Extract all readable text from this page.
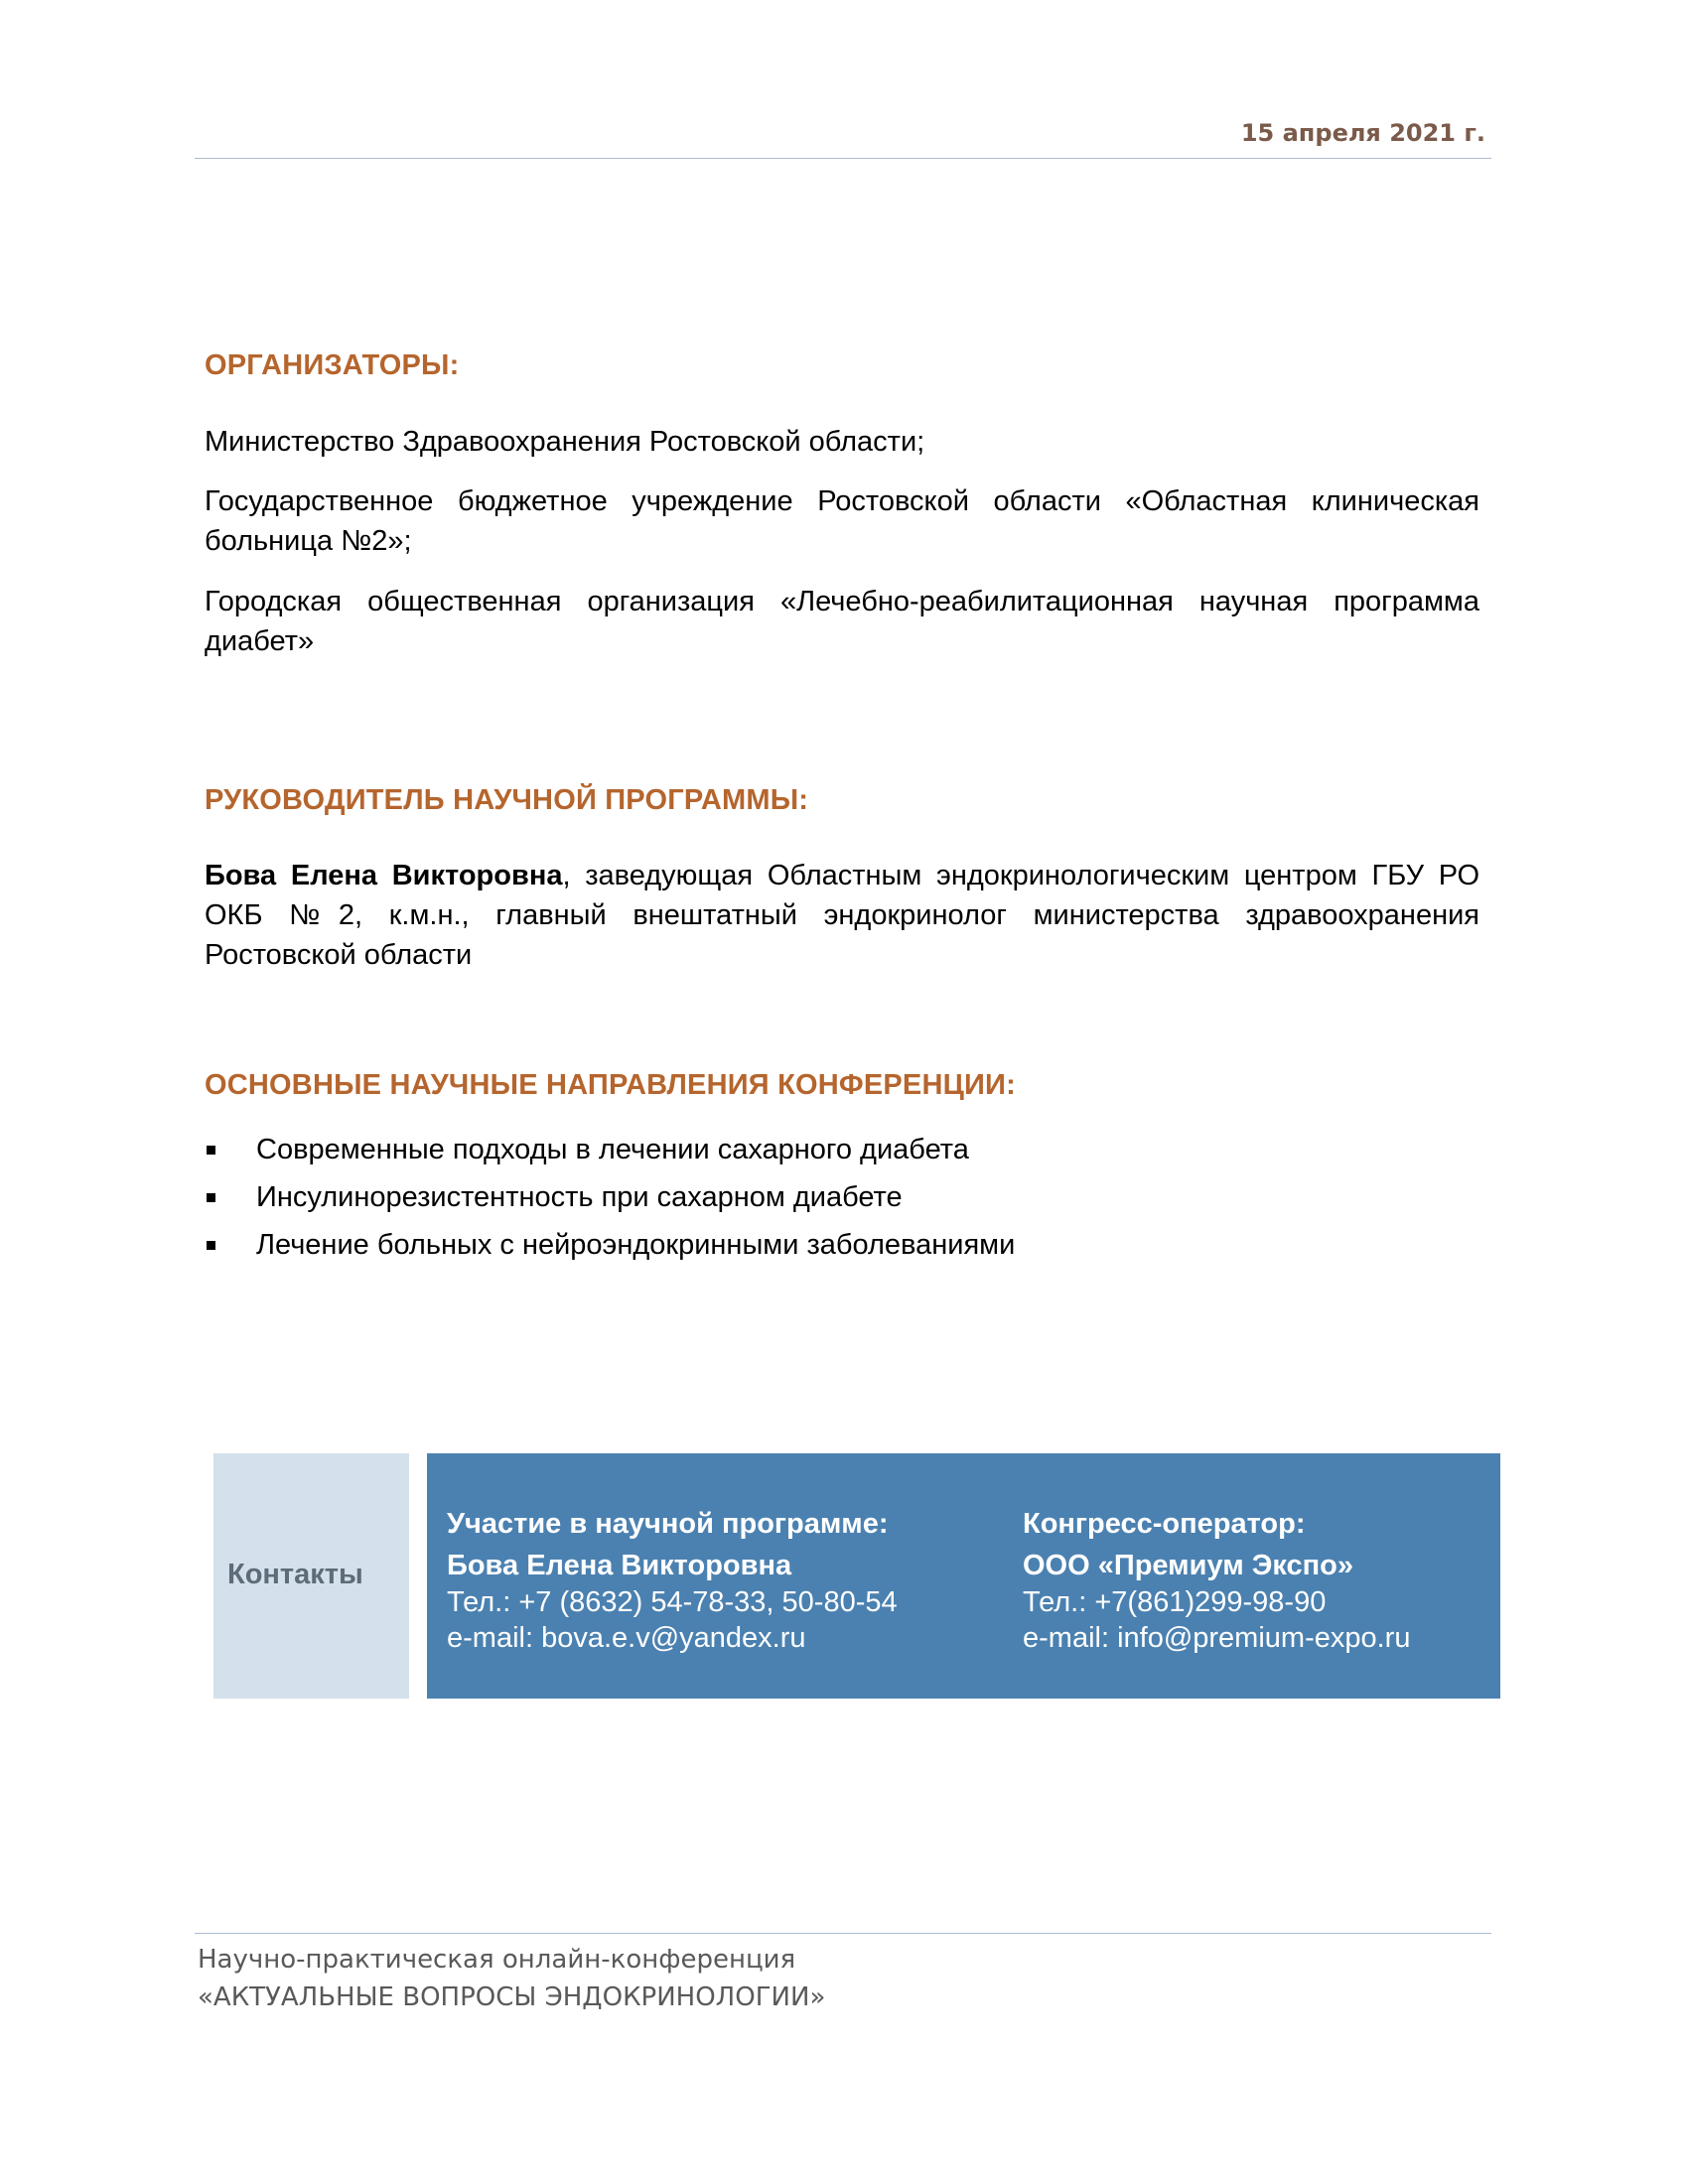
15 апреля 2021 г.
ОРГАНИЗАТОРЫ:

Министерство Здравоохранения Ростовской области;

Государственное бюджетное учреждение Ростовской области «Областная клиническая больница №2»;

Городская общественная организация «Лечебно-реабилитационная научная программа диабет»

РУКОВОДИТЕЛЬ НАУЧНОЙ ПРОГРАММЫ:

Бова Елена Викторовна, заведующая Областным эндокринологическим центром ГБУ РО ОКБ №2, к.м.н., главный внештатный эндокринолог министерства здравоохранения Ростовской области

ОСНОВНЫЕ НАУЧНЫЕ НАПРАВЛЕНИЯ КОНФЕРЕНЦИИ:
Современные подходы в лечении сахарного диабета
Инсулинорезистентность при сахарном диабете
Лечение больных с нейроэндокринными заболеваниями
Контакты
Участие в научной программе:
Бова Елена Викторовна
Тел.: +7 (8632) 54-78-33, 50-80-54
e-mail: bova.e.v@yandex.ru
Конгресс-оператор:
ООО «Премиум Экспо»
Тел.: +7(861)299-98-90
e-mail: info@premium-expo.ru
Научно-практическая онлайн-конференция
«АКТУАЛЬНЫЕ ВОПРОСЫ ЭНДОКРИНОЛОГИИ»
